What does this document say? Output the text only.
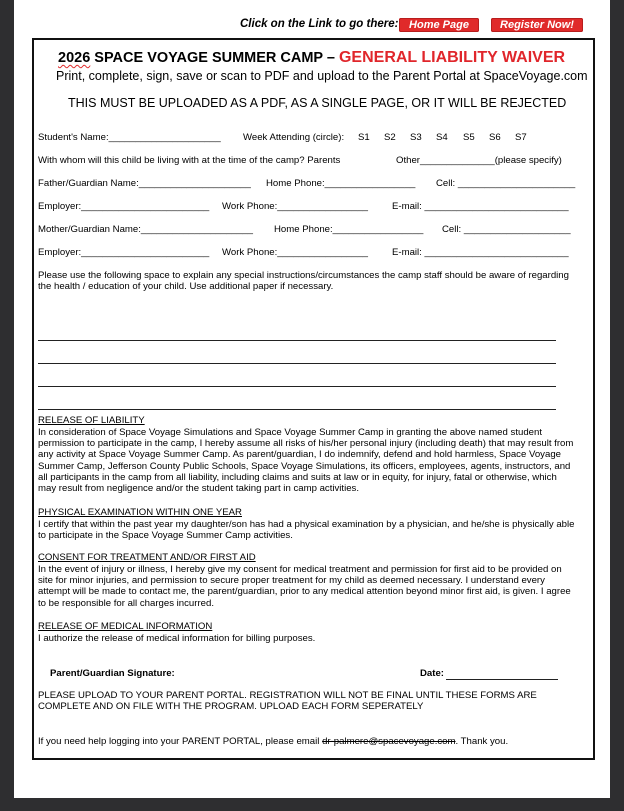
Click on the Link to go there: Home Page	Register Now!
2026 SPACE VOYAGE SUMMER CAMP – GENERAL LIABILITY WAIVER
Print, complete, sign, save or scan to PDF and upload to the Parent Portal at SpaceVoyage.com
THIS MUST BE UPLOADED AS A PDF, AS A SINGLE PAGE, OR IT WILL BE REJECTED
Student's Name:_____________________ Week Attending (circle): S1 S2 S3 S4 S5 S6 S7
With whom will this child be living with at the time of the camp? Parents	Other______________(please specify)
Father/Guardian Name:_____________________ Home Phone:_________________ Cell: ______________________
Employer:________________________ Work Phone:_________________	E-mail: ___________________________
Mother/Guardian Name:_____________________ Home Phone:_________________ Cell: ____________________
Employer:________________________ Work Phone:_________________	E-mail: ___________________________
Please use the following space to explain any special instructions/circumstances the camp staff should be aware of regarding the health / education of your child. Use additional paper if necessary.
RELEASE OF LIABILITY
In consideration of Space Voyage Simulations and Space Voyage Summer Camp in granting the above named student permission to participate in the camp, I hereby assume all risks of his/her personal injury (including death) that may result from any activity at Space Voyage Summer Camp. As parent/guardian, I do indemnify, defend and hold harmless, Space Voyage Summer Camp, Jefferson County Public Schools, Space Voyage Simulations, its officers, employees, agents, instructors, and all participants in the camp from all liability, including claims and suits at law or in equity, for injury, fatal or otherwise, which may result from negligence and/or the student taking part in camp activities.
PHYSICAL EXAMINATION WITHIN ONE YEAR
I certify that within the past year my daughter/son has had a physical examination by a physician, and he/she is physically able to participate in the Space Voyage Summer Camp activities.
CONSENT FOR TREATMENT AND/OR FIRST AID
In the event of injury or illness, I hereby give my consent for medical treatment and permission for first aid to be provided on site for minor injuries, and permission to secure proper treatment for my child as deemed necessary. I understand every attempt will be made to contact me, the parent/guardian, prior to any medical attention beyond minor first aid, is given. I agree to be responsible for all charges incurred.
RELEASE OF MEDICAL INFORMATION
I authorize the release of medical information for billing purposes.
Parent/Guardian Signature:	Date:
PLEASE UPLOAD TO YOUR PARENT PORTAL. REGISTRATION WILL NOT BE FINAL UNTIL THESE FORMS ARE COMPLETE AND ON FILE WITH THE PROGRAM. UPLOAD EACH FORM SEPERATELY
If you need help logging into your PARENT PORTAL, please email dr-palmere@spacevoyage.com. Thank you.
